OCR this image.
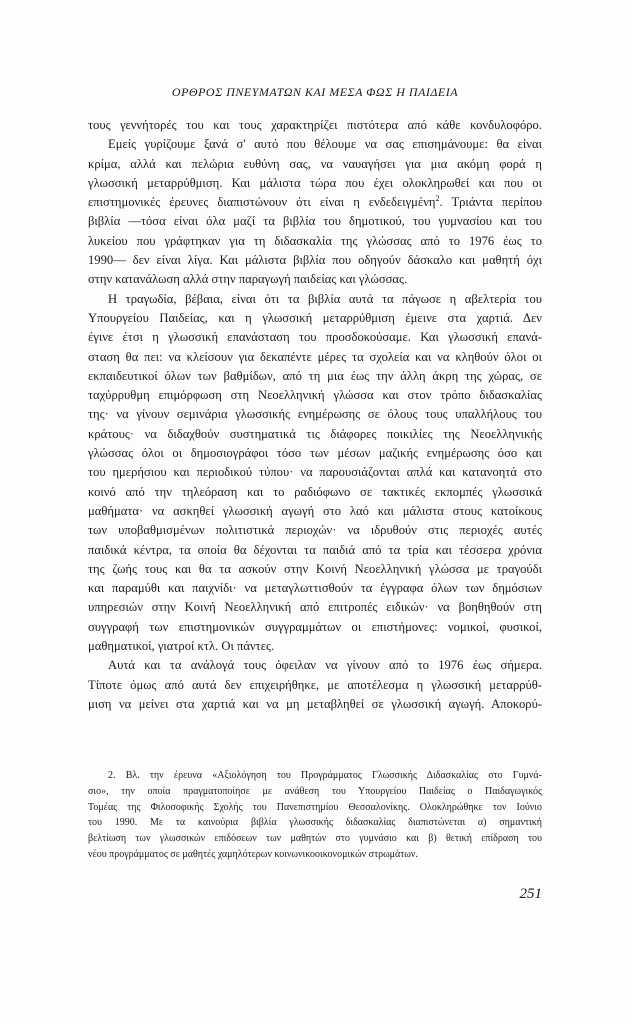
ΟΡΘΡΟΣ ΠΝΕΥΜΑΤΩΝ ΚΑΙ ΜΕΣΑ ΦΩΣ Η ΠΑΙΔΕΙΑ
τους γεννήτορές του και τους χαρακτηρίζει πιστότερα από κάθε κονδυλοφόρο.
Εμείς γυρίζουμε ξανά σ' αυτό που θέλουμε να σας επισημάνουμε: θα είναι
κρίμα, αλλά και πελώρια ευθύνη σας, να ναυαγήσει για μια ακόμη φορά η
γλωσσική μεταρρύθμιση. Και μάλιστα τώρα που έχει ολοκληρωθεί και που οι
επιστημονικές έρευνες διαπιστώνουν ότι είναι η ενδεδειγμένη$^2$. Τριάντα περίπου
βιβλία —τόσα είναι όλα μαζί τα βιβλία του δημοτικού, του γυμνασίου και του
λυκείου που γράφτηκαν για τη διδασκαλία της γλώσσας από το 1976 έως το
1990— δεν είναι λίγα. Και μάλιστα βιβλία που οδηγούν δάσκαλο και μαθητή όχι
στην κατανάλωση αλλά στην παραγωγή παιδείας και γλώσσας.
Η τραγωδία, βέβαια, είναι ότι τα βιβλία αυτά τα πάγωσε η αβελτερία του
Υπουργείου Παιδείας, και η γλωσσική μεταρρύθμιση έμεινε στα χαρτιά. Δεν
έγινε έτσι η γλωσσική επανάσταση του προσδοκούσαμε. Και γλωσσική επανά-
σταση θα πει: να κλείσουν για δεκαπέντε μέρες τα σχολεία και να κληθούν όλοι οι
εκπαιδευτικοί όλων των βαθμίδων, από τη μια έως την άλλη άκρη της χώρας, σε
ταχύρρυθμη επιμόρφωση στη Νεοελληνική γλώσσα και στον τρόπο διδασκαλίας
της· να γίνουν σεμινάρια γλωσσικής ενημέρωσης σε όλους τους υπαλλήλους του
κράτους· να διδαχθούν συστηματικά τις διάφορες ποικιλίες της Νεοελληνικής
γλώσσας όλοι οι δημοσιογράφοι τόσο των μέσων μαζικής ενημέρωσης όσο και
του ημερήσιου και περιοδικού τύπου· να παρουσιάζονται απλά και κατανοητά στο
κοινό από την τηλεόραση και το ραδιόφωνο σε τακτικές εκπομπές γλωσσικά
μαθήματα· να ασκηθεί γλωσσική αγωγή στο λαό και μάλιστα στους κατοίκους
των υποβαθμισμένων πολιτιστικά περιοχών· να ιδρυθούν στις περιοχές αυτές
παιδικά κέντρα, τα οποία θα δέχονται τα παιδιά από τα τρία και τέσσερα χρόνια
της ζωής τους και θα τα ασκούν στην Κοινή Νεοελληνική γλώσσα με τραγούδι
και παραμύθι και παιχνίδι· να μεταγλωττισθούν τα έγγραφα όλων των δημόσιων
υπηρεσιών στην Κοινή Νεοελληνική από επιτροπές ειδικών· να βοηθηθούν στη
συγγραφή των επιστημονικών συγγραμμάτων οι επιστήμονες: νομικοί, φυσικοί,
μαθηματικοί, γιατροί κτλ. Οι πάντες.
Αυτά και τα ανάλογά τους όφειλαν να γίνουν από το 1976 έως σήμερα.
Τίποτε όμως από αυτά δεν επιχειρήθηκε, με αποτέλεσμα η γλωσσική μεταρρύθ-
μιση να μείνει στα χαρτιά και να μη μεταβληθεί σε γλωσσική αγωγή. Αποκορύ-
2. Βλ. την έρευνα «Αξιολόγηση του Προγράμματος Γλωσσικής Διδασκαλίας στο Γυμνά-
σιο», την οποία πραγματοποίησε με ανάθεση του Υπουργείου Παιδείας ο Παιδαγωγικός
Τομέας της Φιλοσοφικής Σχολής του Πανεπιστημίου Θεσσαλονίκης. Ολοκληρώθηκε τον Ιούνιο
του 1990. Με τα καινούρια βιβλία γλωσσικής διδασκαλίας διαπιστώνεται α) σημαντική
βελτίωση των γλωσσικών επιδόσεων των μαθητών στο γυμνάσιο και β) θετική επίδραση του
νέου προγράμματος σε μαθητές χαμηλότερων κοινωνικοοικονομικών στρωμάτων.
251
